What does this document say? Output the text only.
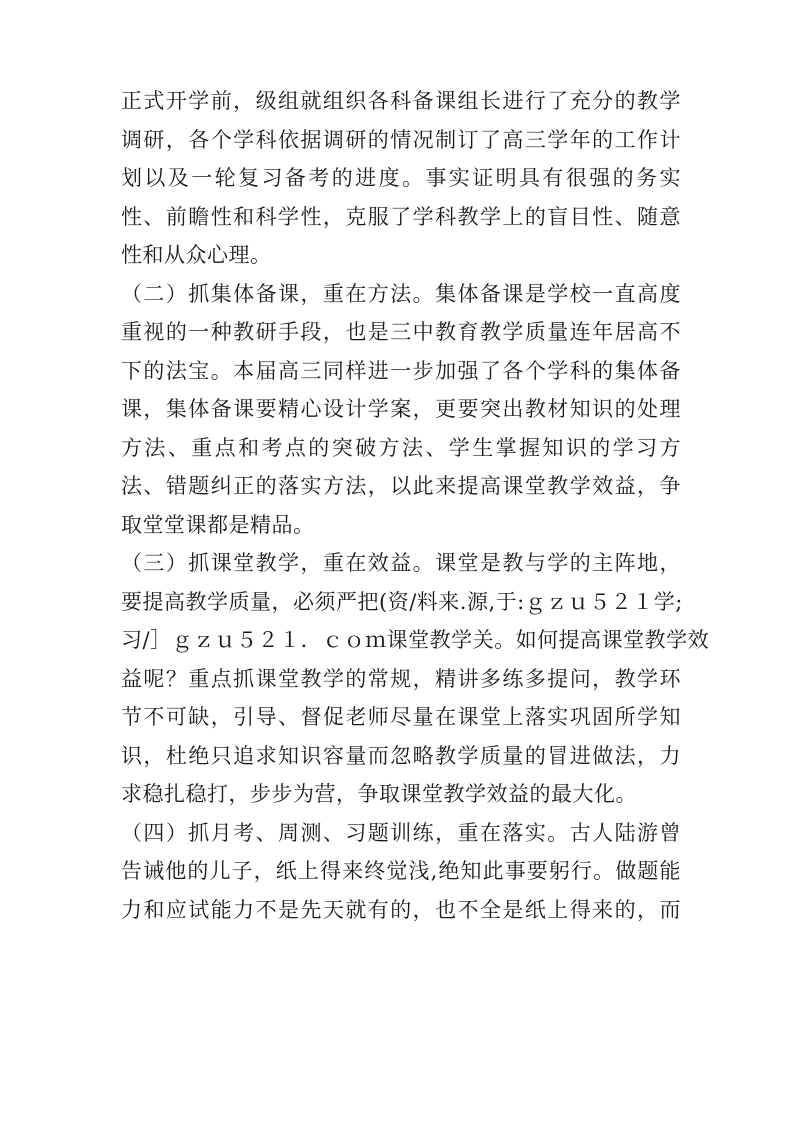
正式开学前，级组就组织各科备课组长进行了充分的教学
调研，各个学科依据调研的情况制订了高三学年的工作计
划以及一轮复习备考的进度。事实证明具有很强的务实
性、前瞻性和科学性，克服了学科教学上的盲目性、随意
性和从众心理。
（二）抓集体备课，重在方法。集体备课是学校一直高度
重视的一种教研手段，也是三中教育教学质量连年居高不
下的法宝。本届高三同样进一步加强了各个学科的集体备
课，集体备课要精心设计学案，更要突出教材知识的处理
方法、重点和考点的突破方法、学生掌握知识的学习方
法、错题纠正的落实方法，以此来提高课堂教学效益，争
取堂堂课都是精品。
（三）抓课堂教学，重在效益。课堂是教与学的主阵地，
要提高教学质量，必须严把(资/料来.源,于:ｇｚｕ５２１学;
习/］ｇｚｕ５２１．ｃｏｍ课堂教学关。如何提高课堂教学效
益呢？重点抓课堂教学的常规，精讲多练多提问，教学环
节不可缺，引导、督促老师尽量在课堂上落实巩固所学知
识，杜绝只追求知识容量而忽略教学质量的冒进做法，力
求稳扎稳打，步步为营，争取课堂教学效益的最大化。
（四）抓月考、周测、习题训练，重在落实。古人陆游曾
告诫他的儿子，纸上得来终觉浅,绝知此事要躬行。做题能
力和应试能力不是先天就有的，也不全是纸上得来的，而
